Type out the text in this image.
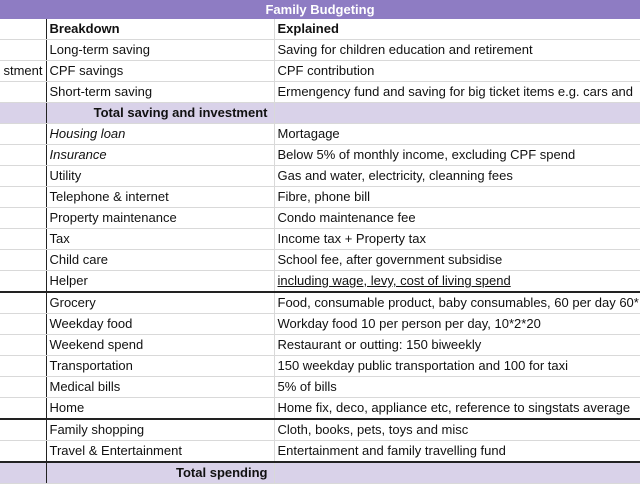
Family Budgeting
	Breakdown	Explained
	Long-term saving	Saving for children education and retirement
stment	CPF savings	CPF contribution
	Short-term saving	Ermengency fund and saving for big ticket items e.g. cars and
	Total saving and investment	
	Housing loan	Mortagage
	Insurance	Below 5% of monthly income, excluding CPF spend
	Utility	Gas and water, electricity, cleanning fees
	Telephone & internet	Fibre, phone bill
	Property maintenance	Condo maintenance fee
	Tax	Income tax + Property tax
	Child care	School fee, after government subsidise
	Helper	including wage, levy, cost of living spend
	Grocery	Food, consumable product, baby consumables, 60 per day 60*
	Weekday food	Workday food 10 per person per day, 10*2*20
	Weekend spend	Restaurant or outting: 150 biweekly
	Transportation	150 weekday public transportation and 100 for taxi
	Medical bills	5% of bills
	Home	Home fix, deco, appliance etc, reference to singstats average
	Family shopping	Cloth, books, pets, toys and misc
	Travel & Entertainment	Entertainment and family travelling fund
	Total spending	
